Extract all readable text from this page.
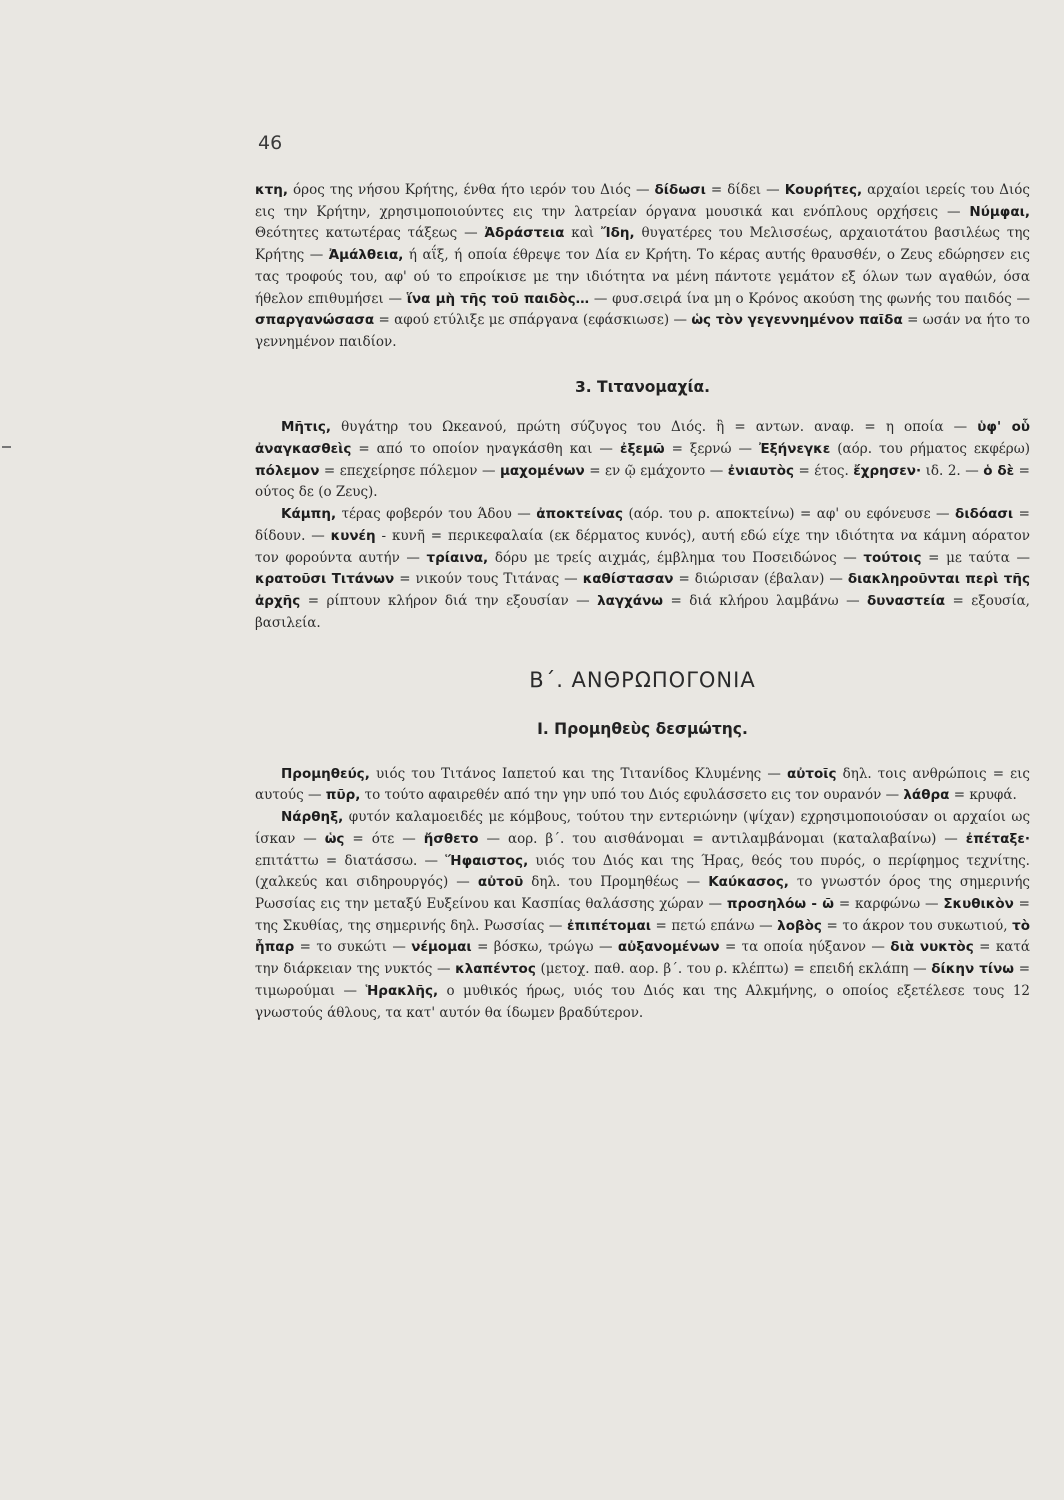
46

κτη, όρος της νήσου Κρήτης, ένθα ήτο ιερόν του Διός — δίδωσι = δίδει — Κουρήτες, αρχαίοι ιερείς του Διός εις την Κρήτην, χρησιμοποιούντες εις την λατρείαν όργανα μουσικά και ενόπλους ορχήσεις — Νύμφαι, Θεότητες κατωτέρας τάξεως — Ἀδράστεια καὶ Ἴδη, θυγατέρες του Μελισσέως, αρχαιοτάτου βασιλέως της Κρήτης — Ἀμάλθεια, ή αΐξ, ή οποία έθρεψε τον Δία εν Κρήτη. Το κέρας αυτής θραυσθέν, ο Ζευς εδώρησεν εις τας τροφούς του, αφ' ού το επροίκισε με την ιδιότητα να μένη πάντοτε γεμάτον εξ όλων των αγαθών, όσα ήθελον επιθυμήσει — ἵνα μὴ τῆς τοῦ παιδὸς… — φυσ.σειρά ίνα μη ο Κρόνος ακούση της φωνής του παιδός — σπαργανώσασα = αφού ετύλιξε με σπάργανα (εφάσκιωσε) — ὡς τὸν γεγεννημένον παῖδα = ωσάν να ήτο το γεννημένον παιδίον.

3. Τιτανομαχία.

Μῆτις, θυγάτηρ του Ωκεανού, πρώτη σύζυγος του Διός. ἣ = αντων. αναφ. = η οποία — ὑφ' οὗ ἀναγκασθεὶς = από το οποίον ηναγκάσθη και — ἐξεμῶ = ξερνώ — Ἐξήνεγκε (αόρ. του ρήματος εκφέρω) πόλεμον = επεχείρησε πόλεμον — μαχομένων = εν ῷ εμάχοντο — ἐνιαυτὸς = έτος. ἔχρησεν· ιδ. 2. — ὁ δὲ = ούτος δε (ο Ζευς).

Κάμπη, τέρας φοβερόν του Άδου — ἀποκτείνας (αόρ. του ρ. αποκτείνω) = αφ' ου εφόνευσε — διδόασι = δίδουν. — κυνέη - κυνῆ = περικεφαλαία (εκ δέρματος κυνός), αυτή εδώ είχε την ιδιότητα να κάμνη αόρατον τον φορούντα αυτήν — τρίαινα, δόρυ με τρείς αιχμάς, έμβλημα του Ποσειδώνος — τούτοις = με ταύτα — κρατοῦσι Τιτάνων = νικούν τους Τιτάνας — καθίστασαν = διώρισαν (έβαλαν) — διακληροῦνται περὶ τῆς ἀρχῆς = ρίπτουν κλήρον διά την εξουσίαν — λαγχάνω = διά κλήρου λαμβάνω — δυναστεία = εξουσία, βασιλεία.

Β΄. ΑΝΘΡΩΠΟΓΟΝΙΑ
Ι. Προμηθεὺς δεσμώτης.

Προμηθεύς, υιός του Τιτάνος Ιαπετού και της Τιτανίδος Κλυμένης — αὐτοῖς δηλ. τοις ανθρώποις = εις αυτούς — πῦρ, το τούτο αφαιρεθέν από την γην υπό του Διός εφυλάσσετο εις τον ουρανόν — λάθρα = κρυφά.

Νάρθηξ, φυτόν καλαμοειδές με κόμβους, τούτου την εντεριώνην (ψίχαν) εχρησιμοποιούσαν οι αρχαίοι ως ίσκαν — ὡς = ότε — ἤσθετο — αορ. β΄. του αισθάνομαι = αντιλαμβάνομαι (καταλαβαίνω) — ἐπέταξε· επιτάττω = διατάσσω. — Ἥφαιστος, υιός του Διός και της Ήρας, θεός του πυρός, ο περίφημος τεχνίτης. (χαλκεύς και σιδηρουργός) — αὐτοῦ δηλ. του Προμηθέως — Καύκασος, το γνωστόν όρος της σημερινής Ρωσσίας εις την μεταξύ Ευξείνου και Κασπίας θαλάσσης χώραν — προσηλόω - ῶ = καρφώνω — Σκυθικὸν = της Σκυθίας, της σημερινής δηλ. Ρωσσίας — ἐπιπέτομαι = πετώ επάνω — λοβὸς = το άκρον του συκωτιού, τὸ ἧπαρ = το συκώτι — νέμομαι = βόσκω, τρώγω — αὐξανομένων = τα οποία ηύξανον — διὰ νυκτὸς = κατά την διάρκειαν της νυκτός — κλαπέντος (μετοχ. παθ. αορ. β΄. του ρ. κλέπτω) = επειδή εκλάπη — δίκην τίνω = τιμωρούμαι — Ἡρακλῆς, ο μυθικός ήρως, υιός του Διός και της Αλκμήνης, ο οποίος εξετέλεσε τους 12 γνωστούς άθλους, τα κατ' αυτόν θα ίδωμεν βραδύτερον.
